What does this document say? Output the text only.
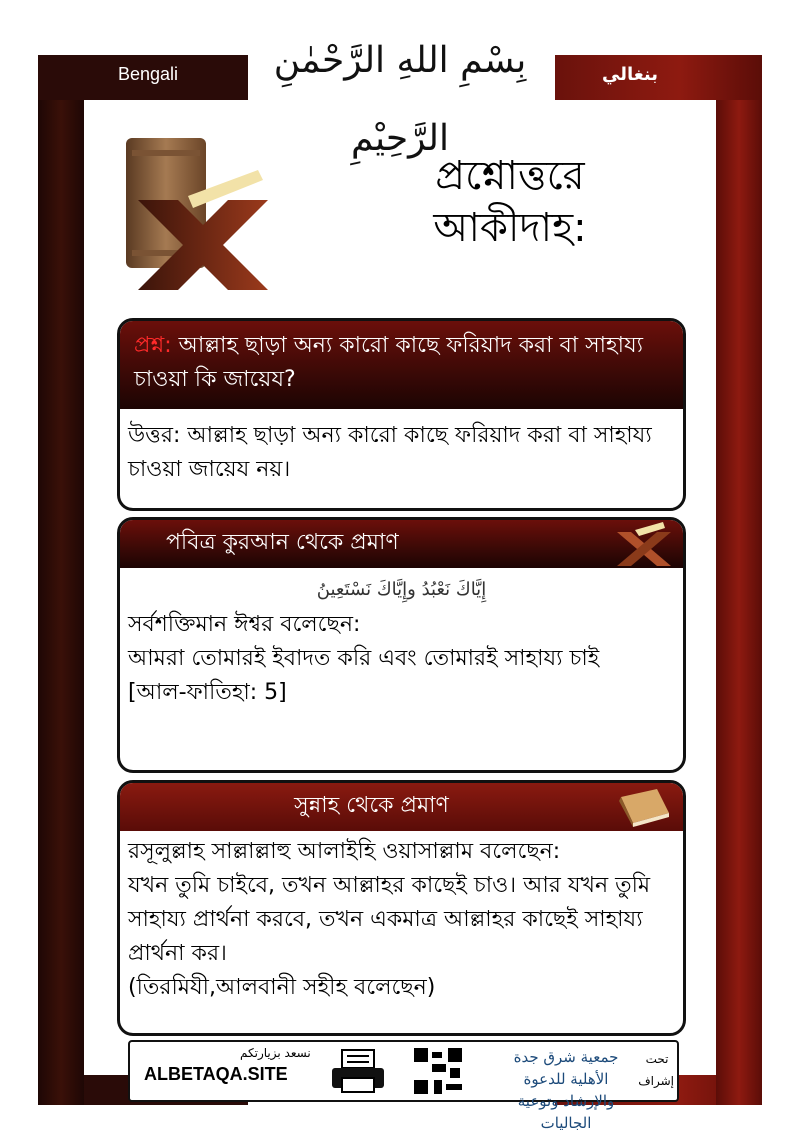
Bengali	بنغالي
بِسْمِ اللهِ الرَّحْمٰنِ الرَّحِيْمِ
প্রশ্নোত্তরে
আকীদাহ:
প্রশ্ন: আল্লাহ ছাড়া অন্য কারো কাছে ফরিয়াদ করা বা সাহায্য চাওয়া কি জায়েয?
উত্তর: আল্লাহ ছাড়া অন্য কারো কাছে ফরিয়াদ করা বা সাহায্য চাওয়া জায়েয নয়।
পবিত্র কুরআন থেকে প্রমাণ
إِيَّاكَ نَعْبُدُ وإِيَّاكَ نَسْتَعِينُ
সর্বশক্তিমান ঈশ্বর বলেছেন:
আমরা তোমারই ইবাদত করি এবং তোমারই সাহায্য চাই
[আল-ফাতিহা: 5]
সুন্নাহ থেকে প্রমাণ
রসূলুল্লাহ সাল্লাল্লাহু আলাইহি ওয়াসাল্লাম বলেছেন:
যখন তুমি চাইবে, তখন আল্লাহর কাছেই চাও। আর যখন তুমি সাহায্য প্রার্থনা করবে, তখন একমাত্র আল্লাহর কাছেই সাহায্য প্রার্থনা কর।
(তিরমিযী,আলবানী সহীহ বলেছেন)
نسعد بزيارتكم
ALBETAQA.SITE
جمعية شرق جدة الأهلية للدعوة والإرشاد وتوعية الجاليات
تحت إشراف
